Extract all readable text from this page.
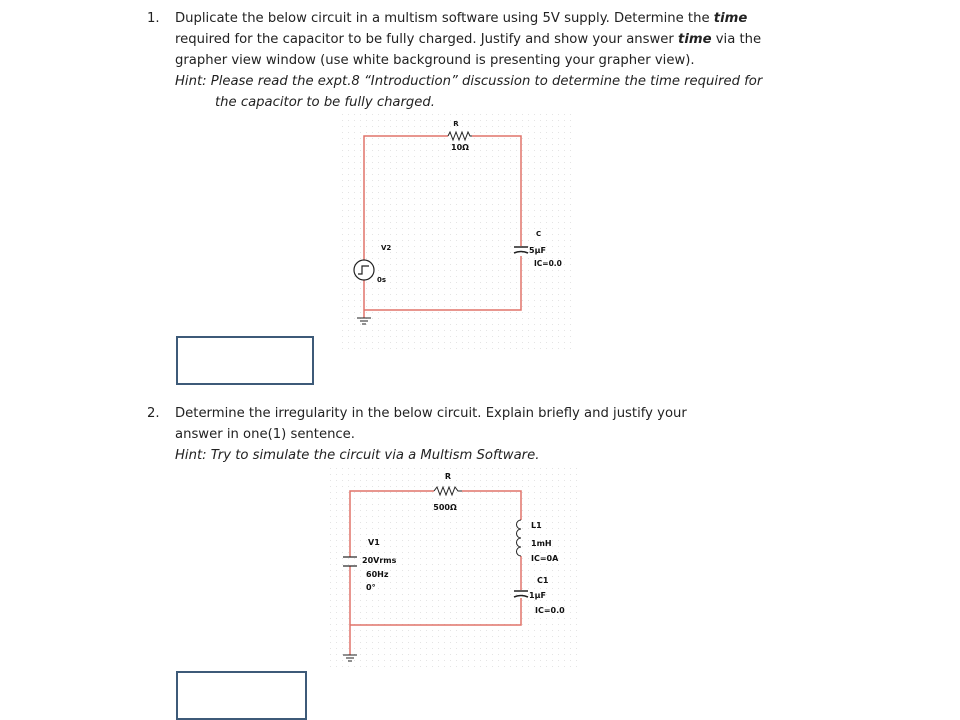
1. Duplicate the below circuit in a multism software using 5V supply. Determine the time
required for the capacitor to be fully charged. Justify and show your answer time via the
grapher view window (use white background is presenting your grapher view).
Hint: Please read the expt.8 “Introduction” discussion to determine the time required for
the capacitor to be fully charged.
R
10Ω
C
5µF
IC=0.0
V2
0s
2. Determine the irregularity in the below circuit. Explain briefly and justify your
answer in one(1) sentence.
Hint: Try to simulate the circuit via a Multism Software.
R
500Ω
L1
1mH
IC=0A
C1
1µF
IC=0.0
V1
20Vrms
60Hz
0°
